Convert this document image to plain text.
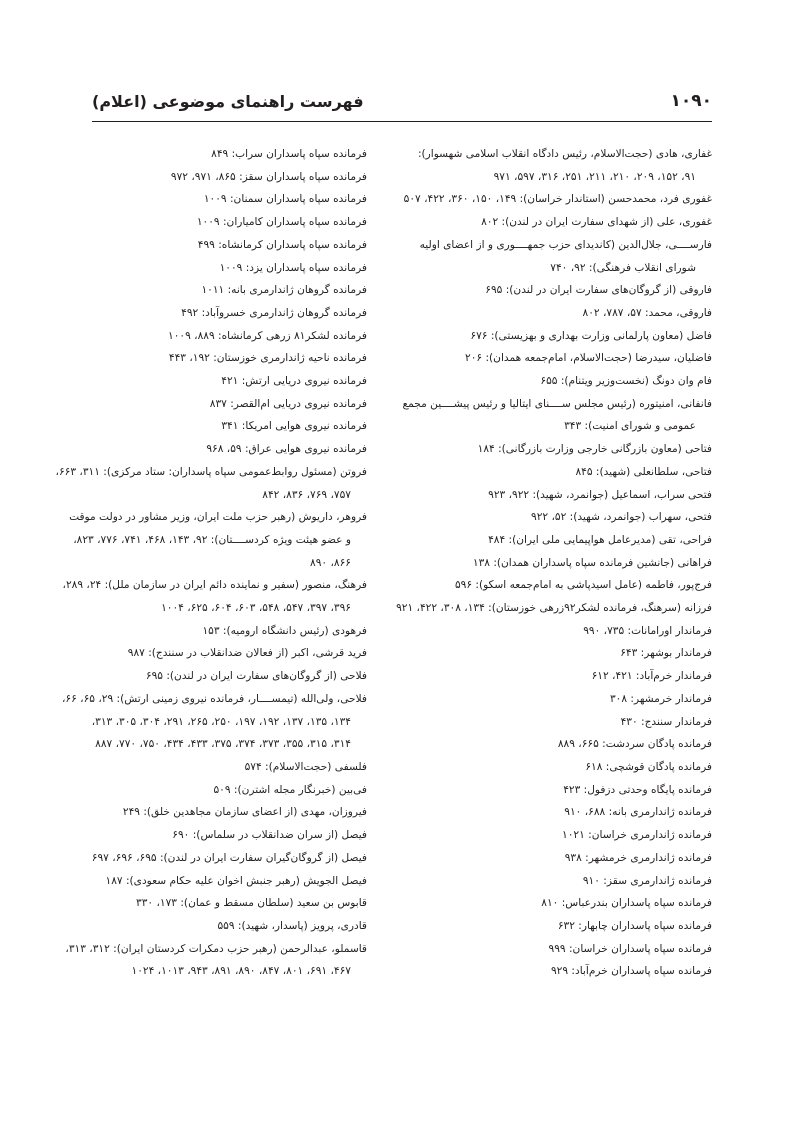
۱۰۹۰
فهرست راهنمای موضوعی (اعلام)
غفاری، هادی (حجت‌الاسلام، رئیس دادگاه انقلاب اسلامی شهسوار):
۹۱، ۱۵۲، ۲۰۹، ۲۱۰، ۲۱۱، ۲۵۱، ۳۱۶، ۵۹۷، ۹۷۱
غفوری فرد، محمدحسن (استاندار خراسان): ۱۴۹، ۱۵۰، ۳۶۰، ۴۲۲، ۵۰۷
غفوری، علی (از شهدای سفارت ایران در لندن): ۸۰۲
فارســــی، جلال‌الدین (کاندیدای حزب جمهــــوری و از اعضای اولیه
شورای انقلاب فرهنگی): ۹۲، ۷۴۰
فاروقی (از گروگان‌های سفارت ایران در لندن): ۶۹۵
فاروقی، محمد: ۵۷، ۷۸۷، ۸۰۲
فاضل (معاون پارلمانی وزارت بهداری و بهزیستی): ۶۷۶
فاضلیان، سیدرضا (حجت‌الاسلام، امام‌جمعه همدان): ۲۰۶
فام وان دونگ (نخست‌وزیر ویتنام): ۶۵۵
فانفانی، امنیتوره (رئیس مجلس ســــنای ایتالیا و رئیس پیشــــین مجمع
عمومی و شورای امنیت): ۳۴۳
فتاحی (معاون بازرگانی خارجی وزارت بازرگانی): ۱۸۴
فتاحی، سلطانعلی (شهید): ۸۴۵
فتحی سراب، اسماعیل (جوانمرد، شهید): ۹۲۲، ۹۲۳
فتحی، سهراب (جوانمرد، شهید): ۵۲، ۹۲۲
فراحی، تقی (مدیرعامل هواپیمایی ملی ایران): ۴۸۴
فراهانی (جانشین فرمانده سپاه پاسداران همدان): ۱۳۸
فرج‌پور، فاطمه (عامل اسیدپاشی به امام‌جمعه اسکو): ۵۹۶
فرزانه (سرهنگ، فرمانده لشکر۹۲زرهی خوزستان): ۱۳۴، ۳۰۸، ۴۲۲، ۹۲۱
فرماندار اورامانات: ۷۳۵، ۹۹۰
فرماندار بوشهر: ۶۴۳
فرماندار خرم‌آباد: ۴۲۱، ۶۱۲
فرماندار خرمشهر: ۳۰۸
فرماندار سنندج: ۴۳۰
فرمانده پادگان سردشت: ۶۶۵، ۸۸۹
فرمانده پادگان قوشچی: ۶۱۸
فرمانده پایگاه وحدتی دزفول: ۴۲۳
فرمانده ژاندارمری بانه: ۶۸۸، ۹۱۰
فرمانده ژاندارمری خراسان: ۱۰۲۱
فرمانده ژاندارمری خرمشهر: ۹۳۸
فرمانده ژاندارمری سقز: ۹۱۰
فرمانده سپاه پاسداران بندرعباس: ۸۱۰
فرمانده سپاه پاسداران چابهار: ۶۳۲
فرمانده سپاه پاسداران خراسان: ۹۹۹
فرمانده سپاه پاسداران خرم‌آباد: ۹۲۹
فرمانده سپاه پاسداران سراب: ۸۴۹
فرمانده سپاه پاسداران سقز: ۸۶۵، ۹۷۱، ۹۷۲
فرمانده سپاه پاسداران سمنان: ۱۰۰۹
فرمانده سپاه پاسداران کامیاران: ۱۰۰۹
فرمانده سپاه پاسداران کرمانشاه: ۴۹۹
فرمانده سپاه پاسداران یزد: ۱۰۰۹
فرمانده گروهان ژاندارمری بانه: ۱۰۱۱
فرمانده گروهان ژاندارمری خسروآباد: ۴۹۲
فرمانده لشکر۸۱ زرهی کرمانشاه: ۸۸۹، ۱۰۰۹
فرمانده ناحیه ژاندارمری خوزستان: ۱۹۲، ۴۴۳
فرمانده نیروی دریایی ارتش: ۴۲۱
فرمانده نیروی دریایی ام‌القصر: ۸۳۷
فرمانده نیروی هوایی امریکا: ۳۴۱
فرمانده نیروی هوایی عراق: ۵۹، ۹۶۸
فروتن (مسئول روابط‌عمومی سپاه پاسداران: ستاد مرکزی): ۳۱۱، ۶۶۳،
۷۵۷، ۷۶۹، ۸۳۶، ۸۴۲
فروهر، داریوش (رهبر حزب ملت ایران، وزیر مشاور در دولت موقت
و عضو هیئت ویژه کردســــتان): ۹۲، ۱۴۳، ۴۶۸، ۷۴۱، ۷۷۶، ۸۲۳،
۸۶۶، ۸۹۰
فرهنگ، منصور (سفیر و نماینده دائم ایران در سازمان ملل): ۲۴، ۲۸۹،
۳۹۶، ۳۹۷، ۵۴۷، ۵۴۸، ۶۰۳، ۶۰۴، ۶۲۵، ۱۰۰۴
فرهودی (رئیس دانشگاه ارومیه): ۱۵۳
فرید قرشی، اکبر (از فعالان ضدانقلاب در سنندج): ۹۸۷
فلاحی (از گروگان‌های سفارت ایران در لندن): ۶۹۵
فلاحی، ولی‌الله (تیمســــار، فرمانده نیروی زمینی ارتش): ۲۹، ۶۵، ۶۶،
۱۳۴، ۱۳۵، ۱۳۷، ۱۹۲، ۱۹۷، ۲۵۰، ۲۶۵، ۲۹۱، ۳۰۴، ۳۰۵، ۳۱۳،
۳۱۴، ۳۱۵، ۳۵۵، ۳۷۳، ۳۷۴، ۳۷۵، ۴۳۳، ۴۳۴، ۷۵۰، ۷۷۰، ۸۸۷
فلسفی (حجت‌الاسلام): ۵۷۴
فی‌بین (خبرنگار مجله اشترن): ۵۰۹
فیروزان، مهدی (از اعضای سازمان مجاهدین خلق): ۲۴۹
فیصل (از سران ضدانقلاب در سلماس): ۶۹۰
فیصل (از گروگان‌گیران سفارت ایران در لندن): ۶۹۵، ۶۹۶، ۶۹۷
فیصل الجویش (رهبر جنبش اخوان علیه حکام سعودی): ۱۸۷
قابوس بن سعید (سلطان مسقط و عمان): ۱۷۳، ۳۳۰
قادری، پرویز (پاسدار، شهید): ۵۵۹
قاسملو، عبدالرحمن (رهبر حزب دمکرات کردستان ایران): ۳۱۲، ۳۱۳،
۴۶۷، ۶۹۱، ۸۰۱، ۸۴۷، ۸۹۰، ۸۹۱، ۹۴۳، ۱۰۱۳، ۱۰۲۴
